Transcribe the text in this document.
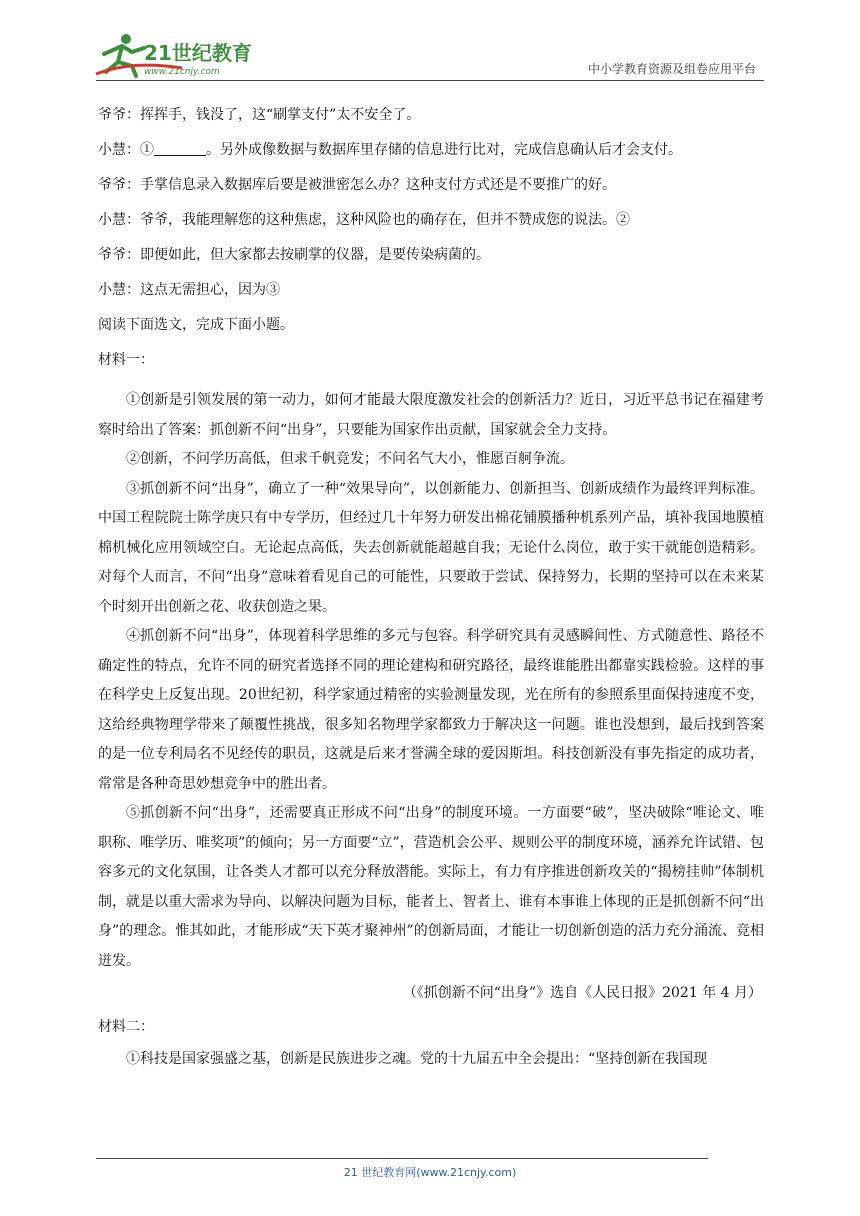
21世纪教育
www.21cnjy.com	中小学教育资源及组卷应用平台
爷爷：挥挥手，钱没了，这“刷掌支付”太不安全了。
小慧：①	。另外成像数据与数据库里存储的信息进行比对，完成信息确认后才会支付。
爷爷：手掌信息录入数据库后要是被泄密怎么办？这种支付方式还是不要推广的好。
小慧：爷爷，我能理解您的这种焦虑，这种风险也的确存在，但并不赞成您的说法。②
爷爷：即便如此，但大家都去按刷掌的仪器，是要传染病菌的。
小慧：这点无需担心，因为③
阅读下面选文，完成下面小题。
材料一：

①创新是引领发展的第一动力，如何才能最大限度激发社会的创新活力？近日，习近平总书记在福建考察时给出了答案：抓创新不问“出身”，只要能为国家作出贡献，国家就会全力支持。

②创新，不问学历高低，但求千帆竞发；不问名气大小，惟愿百舸争流。

③抓创新不问“出身”，确立了一种“效果导向”，以创新能力、创新担当、创新成绩作为最终评判标准。中国工程院院士陈学庚只有中专学历，但经过几十年努力研发出棉花铺膜播种机系列产品，填补我国地膜植棉机械化应用领域空白。无论起点高低，失去创新就能超越自我；无论什么岗位，敢于实干就能创造精彩。对每个人而言，不问“出身”意味着看见自己的可能性，只要敢于尝试、保持努力，长期的坚持可以在未来某个时刻开出创新之花、收获创造之果。

④抓创新不问“出身”，体现着科学思维的多元与包容。科学研究具有灵感瞬间性、方式随意性、路径不确定性的特点，允许不同的研究者选择不同的理论建构和研究路径，最终谁能胜出都靠实践检验。这样的事在科学史上反复出现。20世纪初，科学家通过精密的实验测量发现，光在所有的参照系里面保持速度不变，这给经典物理学带来了颠覆性挑战，很多知名物理学家都致力于解决这一问题。谁也没想到，最后找到答案的是一位专利局名不见经传的职员，这就是后来才誉满全球的爱因斯坦。科技创新没有事先指定的成功者，常常是各种奇思妙想竞争中的胜出者。

⑤抓创新不问“出身”，还需要真正形成不问“出身”的制度环境。一方面要“破”，坚决破除“唯论文、唯职称、唯学历、唯奖项”的倾向；另一方面要“立”，营造机会公平、规则公平的制度环境，涵养允许试错、包容多元的文化氛围，让各类人才都可以充分释放潜能。实际上，有力有序推进创新攻关的“揭榜挂帅”体制机制，就是以重大需求为导向、以解决问题为目标，能者上、智者上、谁有本事谁上体现的正是抓创新不问“出身”的理念。惟其如此，才能形成“天下英才聚神州”的创新局面，才能让一切创新创造的活力充分涌流、竞相迸发。

（《抓创新不问“出身”》选自《人民日报》2021 年 4 月）
材料二：

①科技是国家强盛之基，创新是民族进步之魂。党的十九届五中全会提出：“坚持创新在我国现

21 世纪教育网(www.21cnjy.com)
